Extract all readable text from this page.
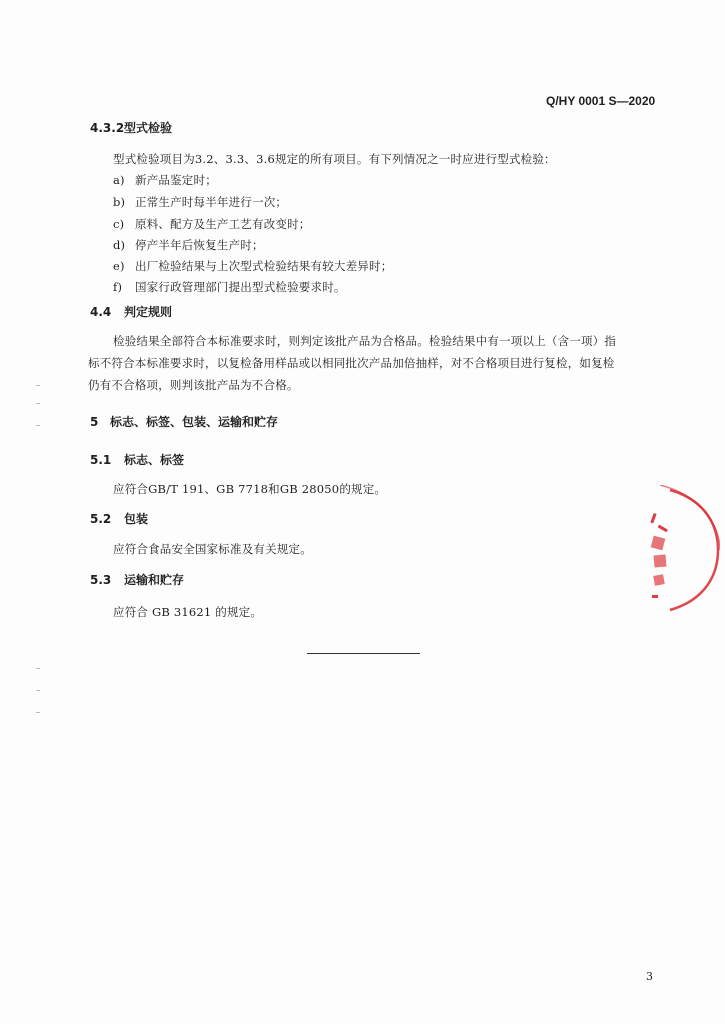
Q/HY 0001 S—2020
4.3.2型式检验
型式检验项目为3.2、3.3、3.6规定的所有项目。有下列情况之一时应进行型式检验：
a) 新产品鉴定时；
b) 正常生产时每半年进行一次；
c) 原料、配方及生产工艺有改变时；
d) 停产半年后恢复生产时；
e) 出厂检验结果与上次型式检验结果有较大差异时；
f) 国家行政管理部门提出型式检验要求时。
4.4 判定规则
检验结果全部符合本标准要求时，则判定该批产品为合格品。检验结果中有一项以上（含一项）指
标不符合本标准要求时，以复检备用样品或以相同批次产品加倍抽样，对不合格项目进行复检，如复检
仍有不合格项，则判该批产品为不合格。
5 标志、标签、包装、运输和贮存
5.1 标志、标签
应符合GB/T 191、GB 7718和GB 28050的规定。
5.2 包装
应符合食品安全国家标准及有关规定。
5.3 运输和贮存
应符合 GB 31621 的规定。
3
